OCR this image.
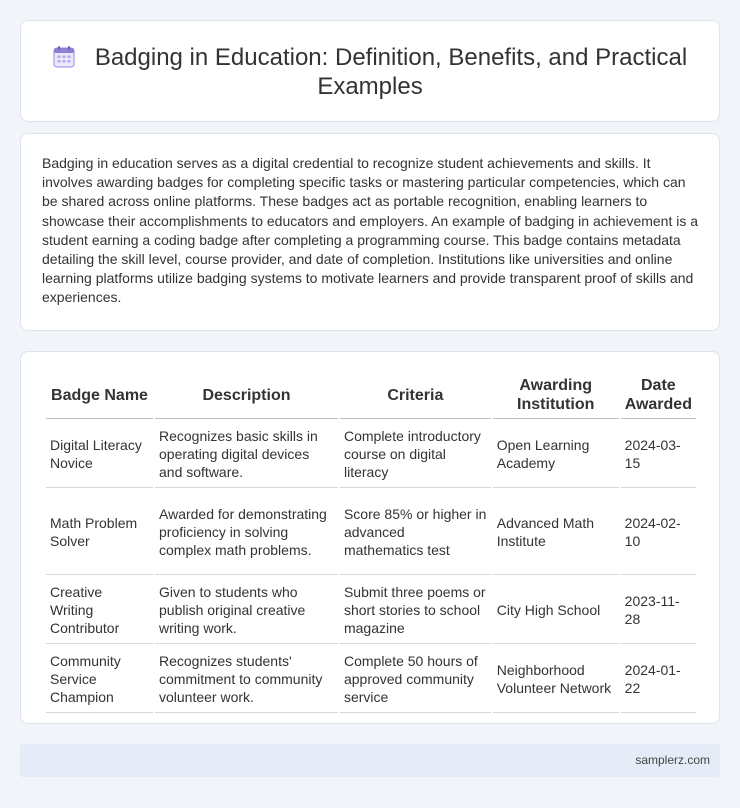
Badging in Education: Definition, Benefits, and Practical Examples

Badging in education serves as a digital credential to recognize student achievements and skills. It involves awarding badges for completing specific tasks or mastering particular competencies, which can be shared across online platforms. These badges act as portable recognition, enabling learners to showcase their accomplishments to educators and employers. An example of badging in achievement is a student earning a coding badge after completing a programming course. This badge contains metadata detailing the skill level, course provider, and date of completion. Institutions like universities and online learning platforms utilize badging systems to motivate learners and provide transparent proof of skills and experiences.

Badge Name	Description	Criteria	Awarding Institution	Date Awarded
Digital Literacy Novice	Recognizes basic skills in operating digital devices and software.	Complete introductory course on digital literacy	Open Learning Academy	2024-03-15
Math Problem Solver	Awarded for demonstrating proficiency in solving complex math problems.	Score 85% or higher in advanced mathematics test	Advanced Math Institute	2024-02-10
Creative Writing Contributor	Given to students who publish original creative writing work.	Submit three poems or short stories to school magazine	City High School	2023-11-28
Community Service Champion	Recognizes students' commitment to community volunteer work.	Complete 50 hours of approved community service	Neighborhood Volunteer Network	2024-01-22
samplerz.com
